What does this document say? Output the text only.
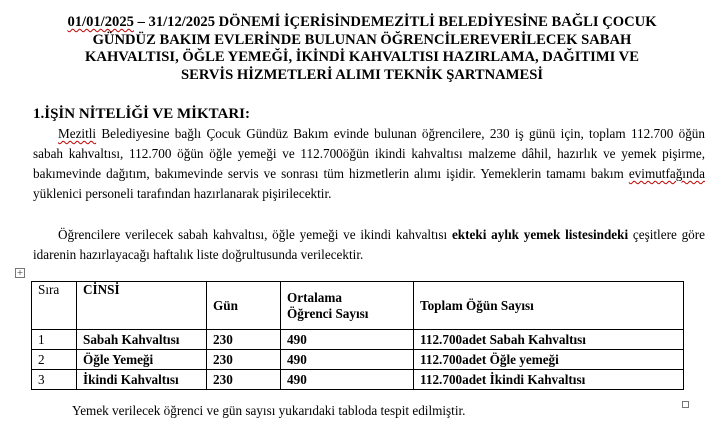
01/01/2025 – 31/12/2025 DÖNEMİ İÇERİSİNDEMEZİTLİ BELEDİYESİNE BAĞLI ÇOCUK
GÜNDÜZ BAKIM EVLERİNDE BULUNAN ÖĞRENCİLEREVERİLECEK SABAH
KAHVALTISI, ÖĞLE YEMEĞİ, İKİNDİ KAHVALTISI HAZIRLAMA, DAĞITIMI VE
SERVİS HİZMETLERİ ALIMI TEKNİK ŞARTNAMESİ
1.İŞİN NİTELİĞİ VE MİKTARI:

Mezitli Belediyesine bağlı Çocuk Gündüz Bakım evinde bulunan öğrencilere, 230 iş günü için, toplam 112.700 öğün sabah kahvaltısı, 112.700 öğün öğle yemeği ve 112.700öğün ikindi kahvaltısı malzeme dâhil, hazırlık ve yemek pişirme, bakımevinde dağıtım, bakımevinde servis ve sonrası tüm hizmetlerin alımı işidir. Yemeklerin tamamı bakım evimutfağında yüklenici personeli tarafından hazırlanarak pişirilecektir.

Öğrencilere verilecek sabah kahvaltısı, öğle yemeği ve ikindi kahvaltısı ekteki aylık yemek listesindeki çeşitlere göre idarenin hazırlayacağı haftalık liste doğrultusunda verilecektir.

+
Sıra	CİNSİ	Gün	Ortalama
Öğrenci Sayısı	Toplam Öğün Sayısı
1	Sabah Kahvaltısı	230	490	112.700adet Sabah Kahvaltısı
2	Öğle Yemeği	230	490	112.700adet Öğle yemeği
3	İkindi Kahvaltısı	230	490	112.700adet İkindi Kahvaltısı
Yemek verilecek öğrenci ve gün sayısı yukarıdaki tabloda tespit edilmiştir.
